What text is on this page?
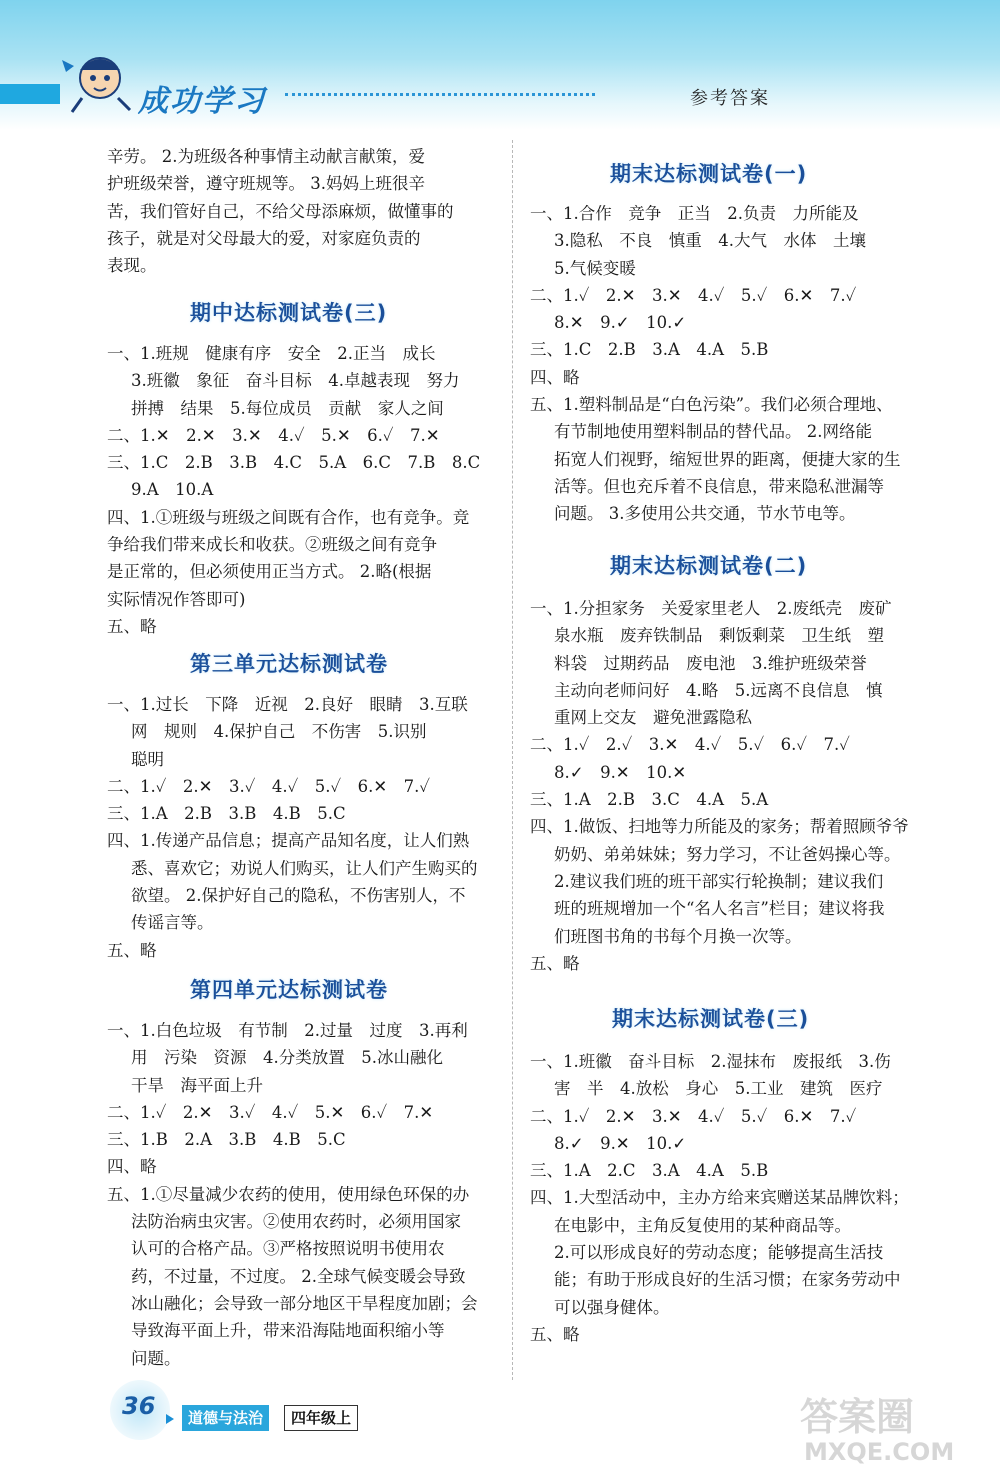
成功学习	参考答案

辛劳。 2.为班级各种事情主动献言献策，爱

护班级荣誉，遵守班规等。 3.妈妈上班很辛

苦，我们管好自己，不给父母添麻烦，做懂事的

孩子，就是对父母最大的爱，对家庭负责的

表现。

期中达标测试卷(三)

一、1.班规　健康有序　安全　2.正当　成长

3.班徽　象征　奋斗目标　4.卓越表现　努力

拼搏　结果　5.每位成员　贡献　家人之间

二、1.✕　2.✕　3.✕　4.✓　5.✕　6.✓　7.✕

三、1.C　2.B　3.B　4.C　5.A　6.C　7.B　8.C

9.A　10.A

四、1.①班级与班级之间既有合作，也有竞争。竞

争给我们带来成长和收获。②班级之间有竞争

是正常的，但必须使用正当方式。 2.略(根据

实际情况作答即可)

五、略

第三单元达标测试卷

一、1.过长　下降　近视　2.良好　眼睛　3.互联

网　规则　4.保护自己　不伤害　5.识别

聪明

二、1.✓　2.✕　3.✓　4.✓　5.✓　6.✕　7.✓

三、1.A　2.B　3.B　4.B　5.C

四、1.传递产品信息；提高产品知名度，让人们熟

悉、喜欢它；劝说人们购买，让人们产生购买的

欲望。 2.保护好自己的隐私，不伤害别人，不

传谣言等。

五、略

第四单元达标测试卷

一、1.白色垃圾　有节制　2.过量　过度　3.再利

用　污染　资源　4.分类放置　5.冰山融化

干旱　海平面上升

二、1.✓　2.✕　3.✓　4.✓　5.✕　6.✓　7.✕

三、1.B　2.A　3.B　4.B　5.C

四、略

五、1.①尽量减少农药的使用，使用绿色环保的办

法防治病虫灾害。②使用农药时，必须用国家

认可的合格产品。③严格按照说明书使用农

药，不过量，不过度。 2.全球气候变暖会导致

冰山融化；会导致一部分地区干旱程度加剧；会

导致海平面上升，带来沿海陆地面积缩小等

问题。

期末达标测试卷(一)

一、1.合作　竞争　正当　2.负责　力所能及

3.隐私　不良　慎重　4.大气　水体　土壤

5.气候变暖

二、1.✓　2.✕　3.✕　4.✓　5.✓　6.✕　7.✓

8.✕　9.✓　10.✓

三、1.C　2.B　3.A　4.A　5.B

四、略

五、1.塑料制品是“白色污染”。我们必须合理地、

有节制地使用塑料制品的替代品。 2.网络能

拓宽人们视野，缩短世界的距离，便捷大家的生

活等。但也充斥着不良信息，带来隐私泄漏等

问题。 3.多使用公共交通，节水节电等。

期末达标测试卷(二)

一、1.分担家务　关爱家里老人　2.废纸壳　废矿

泉水瓶　废弃铁制品　剩饭剩菜　卫生纸　塑

料袋　过期药品　废电池　3.维护班级荣誉

主动向老师问好　4.略　5.远离不良信息　慎

重网上交友　避免泄露隐私

二、1.✓　2.✓　3.✕　4.✓　5.✓　6.✓　7.✓

8.✓　9.✕　10.✕

三、1.A　2.B　3.C　4.A　5.A

四、1.做饭、扫地等力所能及的家务；帮着照顾爷爷

奶奶、弟弟妹妹；努力学习，不让爸妈操心等。

2.建议我们班的班干部实行轮换制；建议我们

班的班规增加一个“名人名言”栏目；建议将我

们班图书角的书每个月换一次等。

五、略

期末达标测试卷(三)

一、1.班徽　奋斗目标　2.湿抹布　废报纸　3.伤

害　半　4.放松　身心　5.工业　建筑　医疗

二、1.✓　2.✕　3.✕　4.✓　5.✓　6.✕　7.✓

8.✓　9.✕　10.✓

三、1.A　2.C　3.A　4.A　5.B

四、1.大型活动中，主办方给来宾赠送某品牌饮料；

在电影中，主角反复使用的某种商品等。

2.可以形成良好的劳动态度；能够提高生活技

能；有助于形成良好的生活习惯；在家务劳动中

可以强身健体。

五、略

36	道德与法治	四年级上	答案圈
MXQE.COM
